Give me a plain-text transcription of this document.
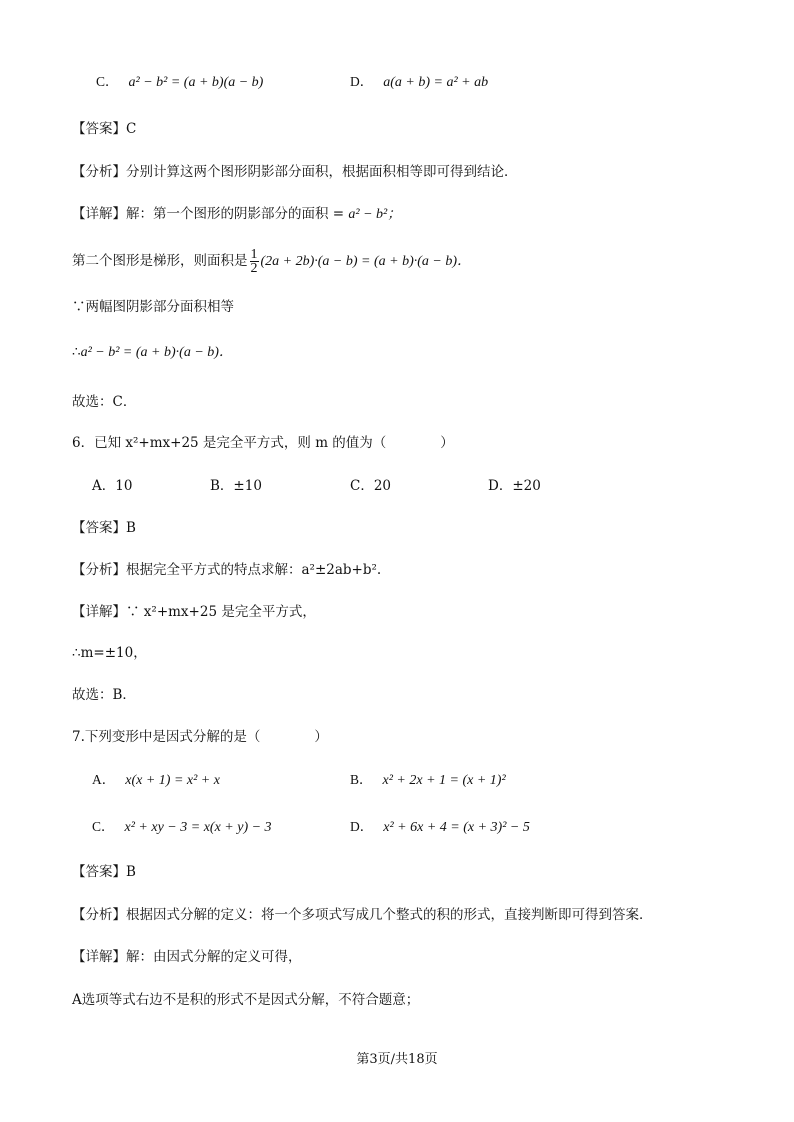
C． a² − b² = (a + b)(a − b)	D． a(a + b) = a² + ab
【答案】C
【分析】分别计算这两个图形阴影部分面积，根据面积相等即可得到结论．
【详解】解：第一个图形的阴影部分的面积 = a² − b²；
第二个图形是梯形，则面积是 $\frac{1}{2} (2a + 2b)\cdot(a - b) = (a + b)\cdot(a - b)$．
∵两幅图阴影部分面积相等
∴a² − b² = (a + b)·(a − b)．
故选：C．
6．已知 x²+mx+25 是完全平方式，则 m 的值为（　　　　）
A．10	B．±10	C．20	D．±20
【答案】B
【分析】根据完全平方式的特点求解：a²±2ab+b².
【详解】∵ x²+mx+25 是完全平方式，
∴m=±10，
故选：B．
7.下列变形中是因式分解的是（　　　　）
A． x(x + 1) = x² + x	B． x² + 2x + 1 = (x + 1)²
C． x² + xy − 3 = x(x + y) − 3	D． x² + 6x + 4 = (x + 3)² − 5
【答案】B
【分析】根据因式分解的定义：将一个多项式写成几个整式的积的形式，直接判断即可得到答案．
【详解】解：由因式分解的定义可得，
A选项等式右边不是积的形式不是因式分解，不符合题意；
第3页/共18页
